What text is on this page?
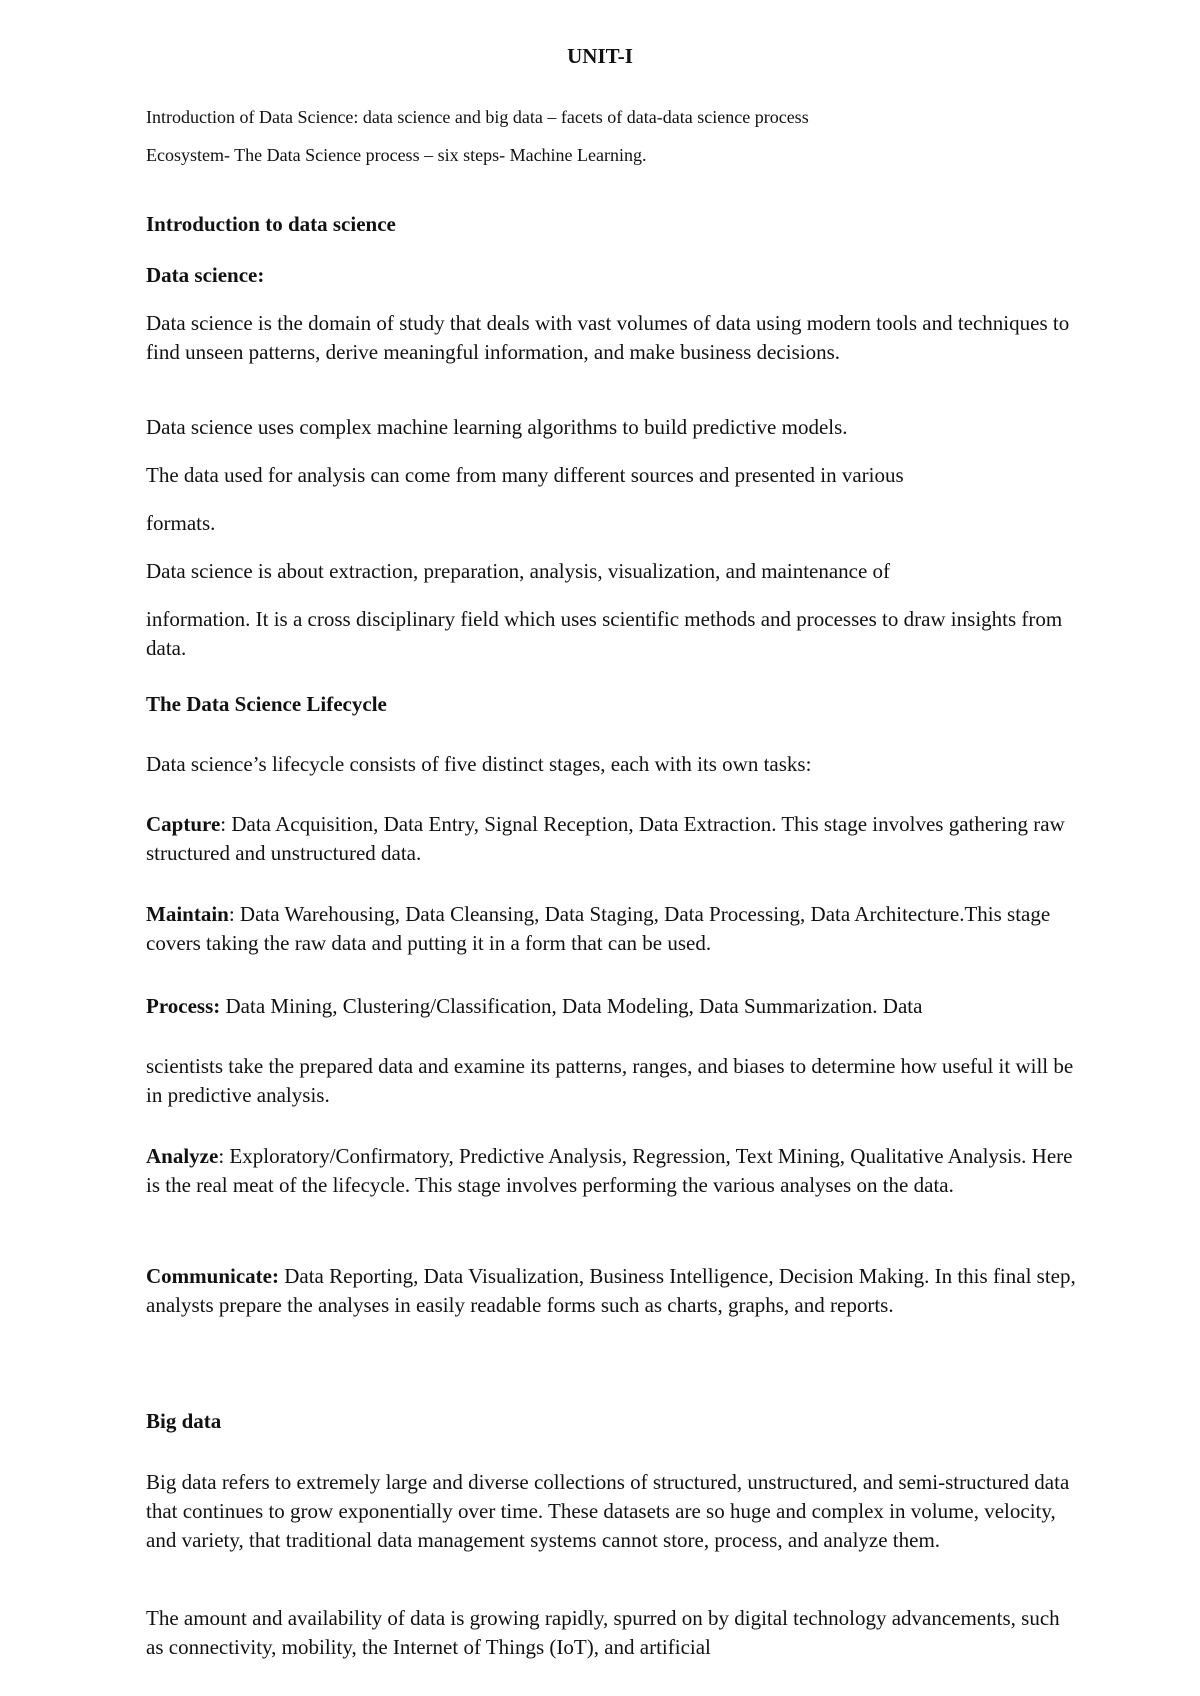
UNIT-I

Introduction of Data Science: data science and big data – facets of data-data science process

Ecosystem- The Data Science process – six steps- Machine Learning.

Introduction to data science

Data science:

Data science is the domain of study that deals with vast volumes of data using modern tools and techniques to find unseen patterns, derive meaningful information, and make business decisions.

Data science uses complex machine learning algorithms to build predictive models.

The data used for analysis can come from many different sources and presented in various

formats.

Data science is about extraction, preparation, analysis, visualization, and maintenance of

information. It is a cross disciplinary field which uses scientific methods and processes to draw insights from data.

The Data Science Lifecycle

Data science’s lifecycle consists of five distinct stages, each with its own tasks:

Capture: Data Acquisition, Data Entry, Signal Reception, Data Extraction. This stage involves gathering raw structured and unstructured data.

Maintain: Data Warehousing, Data Cleansing, Data Staging, Data Processing, Data Architecture.This stage covers taking the raw data and putting it in a form that can be used.

Process: Data Mining, Clustering/Classification, Data Modeling, Data Summarization. Data

scientists take the prepared data and examine its patterns, ranges, and biases to determine how useful it will be in predictive analysis.

Analyze: Exploratory/Confirmatory, Predictive Analysis, Regression, Text Mining, Qualitative Analysis. Here is the real meat of the lifecycle. This stage involves performing the various analyses on the data.

Communicate: Data Reporting, Data Visualization, Business Intelligence, Decision Making. In this final step, analysts prepare the analyses in easily readable forms such as charts, graphs, and reports.

Big data

Big data refers to extremely large and diverse collections of structured, unstructured, and semi-structured data that continues to grow exponentially over time. These datasets are so huge and complex in volume, velocity, and variety, that traditional data management systems cannot store, process, and analyze them.

The amount and availability of data is growing rapidly, spurred on by digital technology advancements, such as connectivity, mobility, the Internet of Things (IoT), and artificial
